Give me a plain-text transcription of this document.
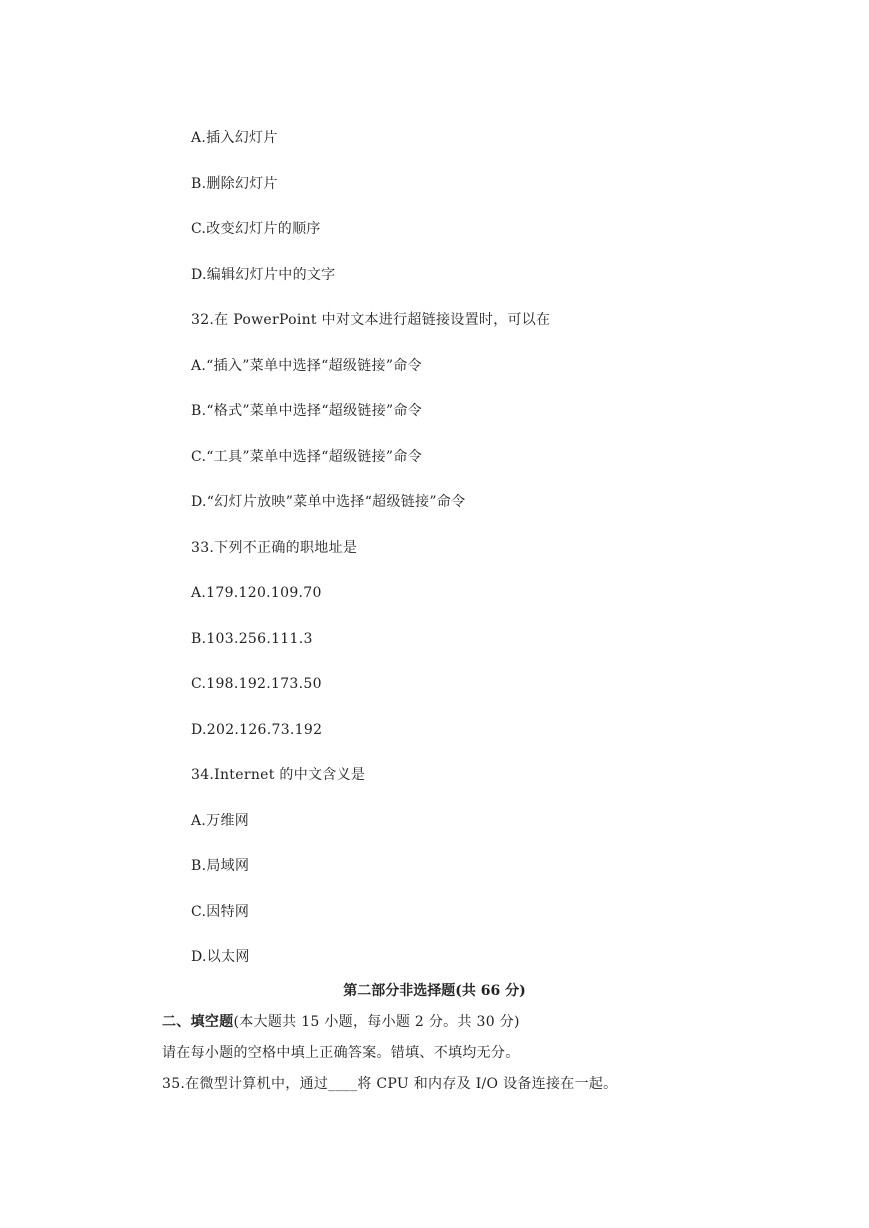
A.插入幻灯片
B.删除幻灯片
C.改变幻灯片的顺序
D.编辑幻灯片中的文字
32.在 PowerPoint 中对文本进行超链接设置时，可以在
A.“插入”菜单中选择“超级链接”命令
B.“格式”菜单中选择“超级链接”命令
C.“工具”菜单中选择“超级链接”命令
D.“幻灯片放映”菜单中选择“超级链接”命令
33.下列不正确的职地址是
A.179.120.109.70
B.103.256.111.3
C.198.192.173.50
D.202.126.73.192
34.Internet 的中文含义是
A.万维网
B.局域网
C.因特网
D.以太网
第二部分非选择题(共 66 分)
二、填空题(本大题共 15 小题，每小题 2 分。共 30 分)
请在每小题的空格中填上正确答案。错填、不填均无分。
35.在微型计算机中，通过____将 CPU 和内存及 I/O 设备连接在一起。
